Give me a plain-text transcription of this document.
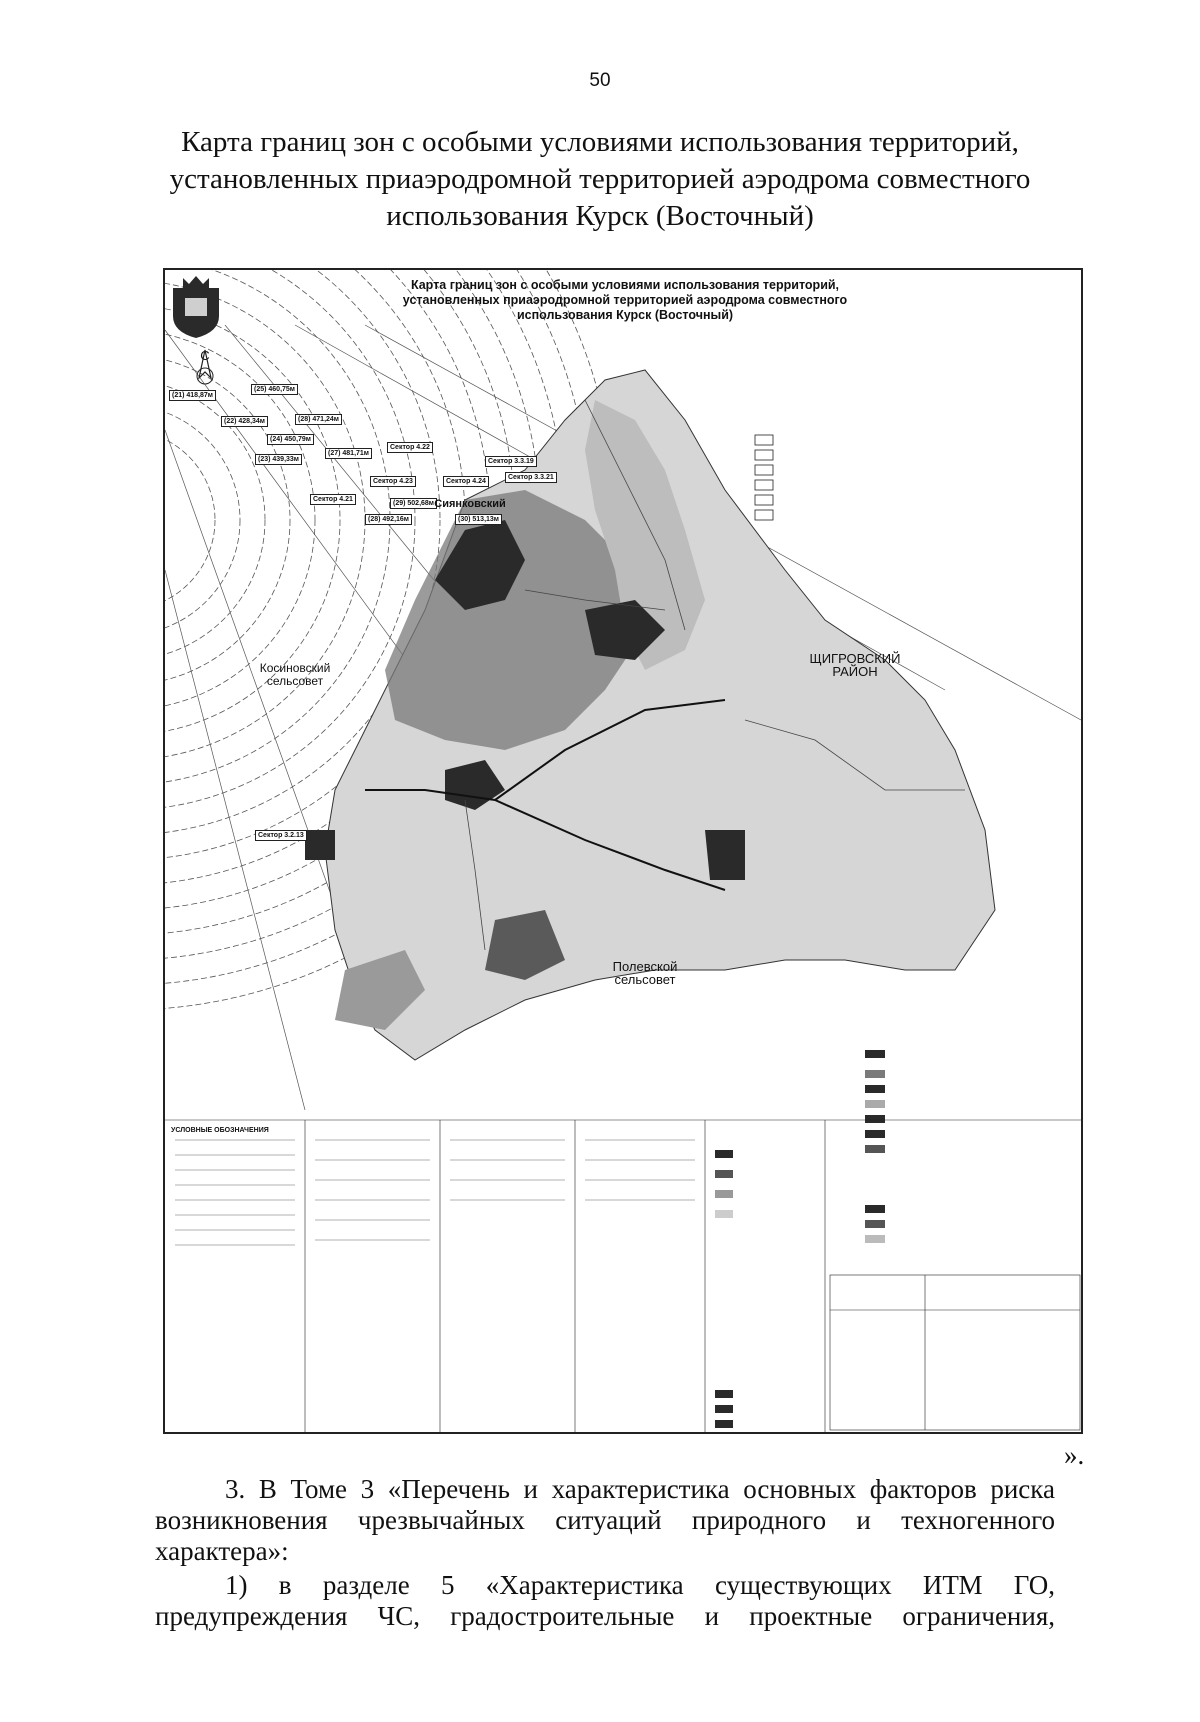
50
Карта границ зон с особыми условиями использования территорий,
установленных приаэродромной территорией аэродрома совместного
использования Курск (Восточный)
С
Карта границ зон с особыми условиями использования территорий,
установленных приаэродромной территорией аэродрома совместного
использования Курск (Восточный)
(21) 418,87м
(25) 460,75м
(22) 428,34м	(28) 471,24м
(24) 450,79м
(27) 481,71м
(23) 439,33м
(29) 502,68м
(28) 492,16м	(30) 513,13м
Сектор 4.22
Сектор 3.3.19
Сектор 4.24
Сектор 3.3.21
Сектор 4.23
Сектор 4.21
Сектор 3.2.13
Сиянковский
ЩИГРОВСКИЙ РАЙОН
Косиновский сельсовет
Полевской сельсовет
УСЛОВНЫЕ ОБОЗНАЧЕНИЯ
».
3. В Томе 3 «Перечень и характеристика основных факторов риска
возникновения чрезвычайных ситуаций природного и техногенного
характера»:
1) в разделе 5 «Характеристика существующих ИТМ ГО,
предупреждения ЧС, градостроительные и проектные ограничения,
